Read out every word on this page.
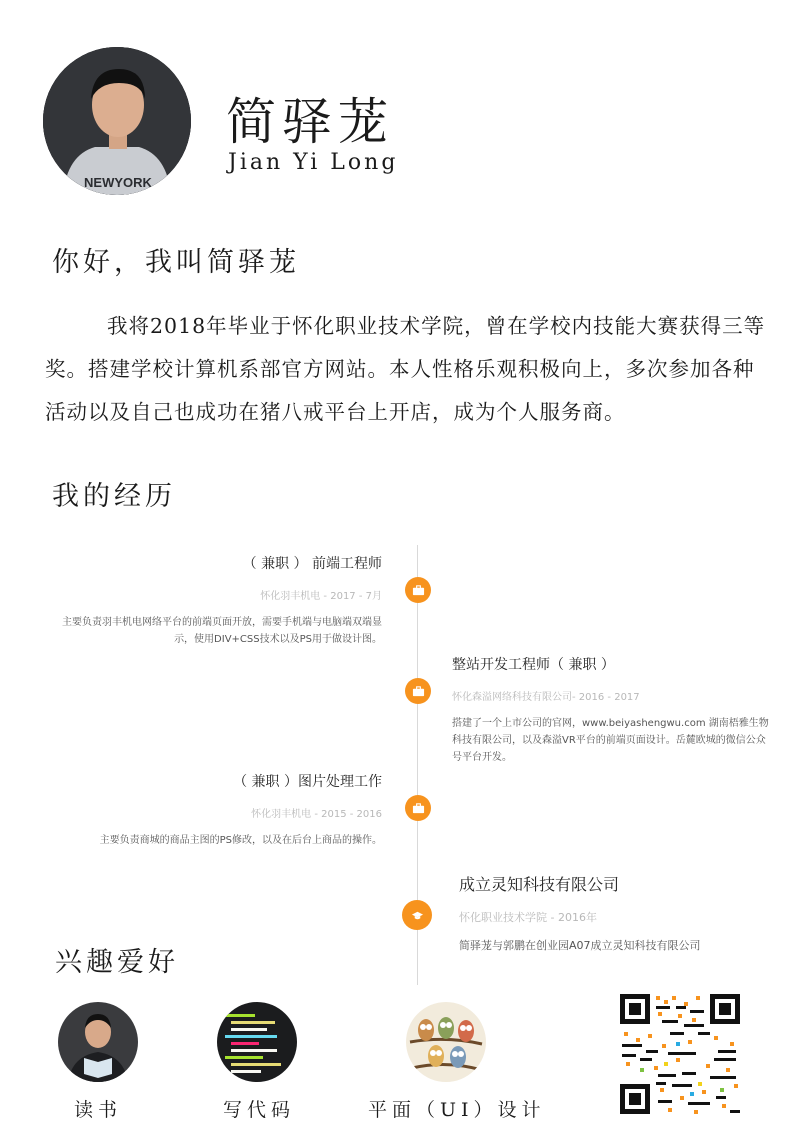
NEWYORK
简驿茏
Jian Yi Long
你好，我叫简驿茏

我将2018年毕业于怀化职业技术学院，曾在学校内技能大赛获得三等奖。搭建学校计算机系部官方网站。本人性格乐观积极向上，多次参加各种活动以及自己也成功在猪八戒平台上开店，成为个人服务商。

我的经历

（ 兼职 ） 前端工程师

怀化羽丰机电 - 2017 - 7月

主要负责羽丰机电网络平台的前端页面开放，需要手机端与电脑端双端显示，使用DIV+CSS技术以及PS用于做设计图。

整站开发工程师（ 兼职 ）

怀化森溢网络科技有限公司- 2016 - 2017

搭建了一个上市公司的官网，www.beiyashengwu.com 湖南梧雅生物科技有限公司，以及森溢VR平台的前端页面设计。岳麓欧城的微信公众号平台开发。

（ 兼职 ）图片处理工作

怀化羽丰机电 - 2015 - 2016

主要负责商城的商品主图的PS修改，以及在后台上商品的操作。

成立灵知科技有限公司

怀化职业技术学院 - 2016年

简驿茏与郭鹏在创业园A07成立灵知科技有限公司

兴趣爱好
读书	写代码	平面（UI）设计
